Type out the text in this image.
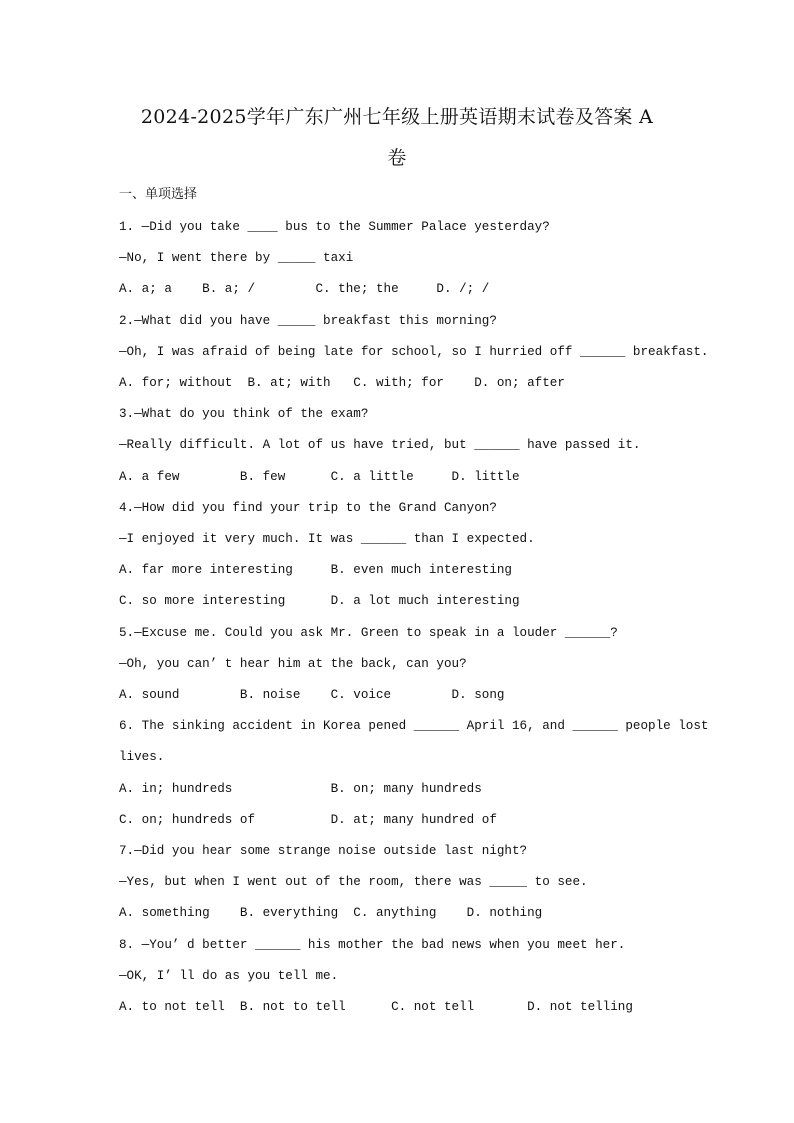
2024-2025学年广东广州七年级上册英语期末试卷及答案 A
卷
一、单项选择
1. —Did you take ____ bus to the Summer Palace yesterday?
—No, I went there by _____ taxi
A. a; a    B. a; /        C. the; the     D. /; /
2.—What did you have _____ breakfast this morning?
—Oh, I was afraid of being late for school, so I hurried off ______ breakfast.
A. for; without  B. at; with   C. with; for    D. on; after
3.—What do you think of the exam?
—Really difficult. A lot of us have tried, but ______ have passed it.
A. a few        B. few      C. a little     D. little
4.—How did you find your trip to the Grand Canyon?
—I enjoyed it very much. It was ______ than I expected.
A. far more interesting     B. even much interesting
C. so more interesting      D. a lot much interesting
5.—Excuse me. Could you ask Mr. Green to speak in a louder ______?
—Oh, you can’ t hear him at the back, can you?
A. sound        B. noise    C. voice        D. song
6. The sinking accident in Korea pened ______ April 16, and ______ people lost
lives.
A. in; hundreds             B. on; many hundreds
C. on; hundreds of          D. at; many hundred of
7.—Did you hear some strange noise outside last night?
—Yes, but when I went out of the room, there was _____ to see.
A. something    B. everything  C. anything    D. nothing
8. —You’ d better ______ his mother the bad news when you meet her.
—OK, I’ ll do as you tell me.
A. to not tell  B. not to tell      C. not tell       D. not telling
